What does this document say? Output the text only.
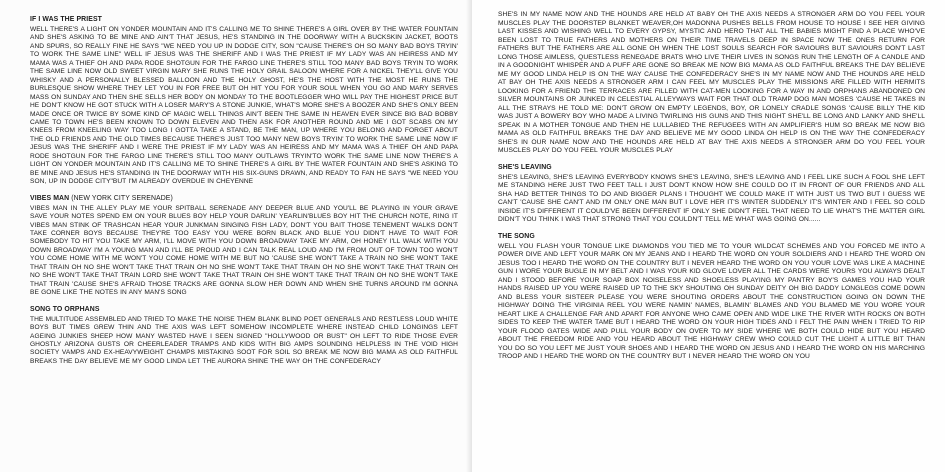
IF I WAS THE PRIEST

WELL THERE'S A LIGHT ON YONDER MOUNTAIN AND IT'S CALLING ME TO SHINE THERE'S A GIRL OVER BY THE WATER FOUNTAIN AND SHE'S ASKING TO BE MINE AND AIN'T THAT JESUS, HE'S STANDING IN THE DOORWAY WITH A BUCKSKIN JACKET, BOOTS AND SPURS, SO REALLY FINE HE SAYS "WE NEED YOU UP IN DODGE CITY, SON "CAUSE THERE'S OH SO MANY BAD BOYS TRYIN' TO WORK THE SAME LINE" WELL IF JESUS WAS THE SHERIFF AND I WAS THE PRIEST IF MY LADY WAS AN HEIRESS AND MY MAMA WAS A THIEF OH AND PAPA RODE SHOTGUN FOR THE FARGO LINE THERE'S STILL TOO MANY BAD BOYS TRYIN TO WORK THE SAME LINE NOW OLD SWEET VIRGIN MARY SHE RUNS THE HOLY GRAIL SALOON WHERE FOR A NICKEL THEY'LL GIVE YOU WHISKY AND A PERSONALLY BLESSED BALLOON AND THE HOLY GHOST, HE'S THE HOST WITH THE MOST HE RUNS THE BURLESQUE SHOW WHERE THEY LET YOU IN FOR FREE BUT OH HIT YOU FOR YOUR SOUL WHEN YOU GO AND MARY SERVES MASS ON SUNDAY AND THEN SHE SELLS HER BODY ON MONDAY TO THE BOOTLEGGER WHO WILL PAY THE HIGHEST PRICE BUT HE DON'T KNOW HE GOT STUCK WITH A LOSER MARY'S A STONE JUNKIE, WHAT'S MORE SHE'S A BOOZER AND SHE'S ONLY BEEN MADE ONCE OR TWICE BY SOME KIND OF MAGIC WELL THINGS AIN'T BEEN THE SAME IN HEAVEN EVER SINCE BIG BAD BOBBY CAME TO TOWN HE'S BEEN KNOWN TO DOWN ELEVEN AND THEN ASK FOR ANOTHER ROUND AND ME I GOT SCABS ON MY KNEES FROM KNEELING WAY TOO LONG I GOTTA TAKE A STAND, BE THE MAN, UP WHERE YOU BELONG AND FORGET ABOUT THE OLD FRIENDS AND THE OLD TIMES BECAUSE THERE'S JUST TOO MANY NEW BOYS TRYIN' TO WORK THE SAME LINE NOW IF JESUS WAS THE SHERIFF AND I WERE THE PRIEST IF MY LADY WAS AN HEIRESS AND MY MAMA WAS A THIEF OH AND PAPA RODE SHOTGUN FOR THE FARGO LINE THERE'S STILL TOO MANY OUTLAWS TRYIN'TO WORK THE SAME LINE NOW THERE'S A LIGHT ON YONDER MOUNTAIN AND IT'S CALLING ME TO SHINE THERE'S A GIRL BY THE WATER FOUNTAIN AND SHE'S ASKING TO BE MINE AND JESUS HE'S STANDING IN THE DOORWAY WITH HIS SIX-GUNS DRAWN, AND READY TO FAN HE SAYS "WE NEED YOU SON, UP IN DODGE CITY"BUT I'M ALREADY OVERDUE IN CHEYENNE

VIBES MAN (NEW YORK CITY SERENADE)

VIBES MAN IN THE ALLEY PLAY ME YOUR SPITBALL SERENADE ANY DEEPER BLUE AND YOU'LL BE PLAYING IN YOUR GRAVE SAVE YOUR NOTES SPEND EM ON YOUR BLUES BOY HELP YOUR DARLIN' YEARLIN'BLUES BOY HIT THE CHURCH NOTE, RING IT VIBES MAN STINK OF TRASHCAN HEAR YOUR JUNKMAN SINGING FISH LADY, DON'T YOU BAIT THOSE TENEMENT WALKS DON'T TAKE CORNER BOYS BECAUSE THEY'RE TOO EASY YOU WERE BORN BLACK AND BLUE YOU DIDN'T HAVE TO WAIT FOR SOMEBODY TO HIT YOU TAKE MY ARM, I'LL MOVE WITH YOU DOWN BROADWAY TAKE MY ARM, OH HONEY I'LL WALK WITH YOU DOWN BROADWAY I'M A YOUNG MAN AND I'LL BE PROUD AND I CAN TALK REAL LOUD AND I'M FROM OUT OF TOWN TOO WON'T YOU COME HOME WITH ME WON'T YOU COME HOME WITH ME BUT NO 'CAUSE SHE WON'T TAKE A TRAIN NO SHE WON'T TAKE THAT TRAIN OH NO SHE WON'T TAKE THAT TRAIN OH NO SHE WON'T TAKE THAT TRAIN OH NO SHE WON'T TAKE THAT TRAIN OH NO SHE WON'T TAKE THAT TRAIN LORD SHE WON'T TAKE THAT TRAIN OH SHE WON'T TAKE THAT TRAIN OH NO SHE WON'T TAKE THAT TRAIN 'CAUSE SHE'S AFRAID THOSE TRACKS ARE GONNA SLOW HER DOWN AND WHEN SHE TURNS AROUND I'M GONNA BE GONE LIKE THE NOTES IN ANY MAN'S SONG

SONG TO ORPHANS

THE MULTITUDE ASSEMBLED AND TRIED TO MAKE THE NOISE THEM BLANK BLIND POET GENERALS AND RESTLESS LOUD WHITE BOYS BUT TIMES GREW THIN AND THE AXIS WAS LEFT SOMEHOW INCOMPLETE WHERE INSTEAD CHILD LONGINGS LEFT AGEING JUNKIES SHEEP HOW MANY WASTED HAVE I SEEN SIGNED "HOLLYWOOD OR BUST" OH LEFT TO RIDE THOSE EVER GHOSTLY ARIZONA GUSTS OR CHEERLEADER TRAMPS AND KIDS WITH BIG AMPS SOUNDING HELPLESS IN THE VOID HIGH SOCIETY VAMPS AND EX-HEAVYWEIGHT CHAMPS MISTAKING SOOT FOR SOIL SO BREAK ME NOW BIG MAMA AS OLD FAITHFUL BREAKS THE DAY BELIEVE ME MY GOOD LINDA LET THE AURORA SHINE THE WAY OH THE CONFEDERACY

SHE'S IN MY NAME NOW AND THE HOUNDS ARE HELD AT BABY OH THE AXIS NEEDS A STRONGER ARM DO YOU FEEL YOUR MUSCLES PLAY THE DOORSTEP BLANKET WEAVER,OH MADONNA PUSHES BELLS FROM HOUSE TO HOUSE I SEE HER GIVING LAST KISSES AND WISHING WELL TO EVERY GYPSY, MYSTIC AND HERO THAT ALL THE BABIES MIGHT FIND A PLACE WHO'VE BEEN LOST TO TRUE FATHERS AND MOTHERS ON THEIR TIME TRAVELS DEEP IN SPACE NOW THE ONES RETURN FOR FATHERS BUT THE FATHERS ARE ALL GONE OH WHEN THE LOST SOULS SEARCH FOR SAVIOURS BUT SAVIOURS DON'T LAST LONG THOSE AIMLESS, QUESTLESS RENEGADE BRATS WHO LIVE THEIR LIVES IN SONGS RUN THE LENGTH OF A CANDLE AND IN A GOODNIGHT WHISPER AND A PUFF ARE GONE SO BREAK ME NOW BIG MAMA AS OLD FAITHFUL BREAKS THE DAY BELIEVE ME MY GOOD LINDA HELP IS ON THE WAY CAUSE THE CONFEDERACY SHE'S IN MY NAME NOW AND THE HOUNDS ARE HELD AT BAY OH THE AXIS NEEDS A STRONGER ARM I CAN FEEL MY MUSCLES PLAY THE MISSIONS ARE FILLED WITH HERMITS LOOKING FOR A FRIEND THE TERRACES ARE FILLED WITH CAT-MEN LOOKING FOR A WAY IN AND ORPHANS ABANDONED ON SILVER MOUNTAINS OR JUNKED IN CELESTIAL ALLEYWAYS WAIT FOR THAT OLD TRAMP DOG MAN MOSES 'CAUSE HE TAKES IN ALL THE STRAYS HE TOLD ME: DON'T GROW ON EMPTY LEGENDS, BOY, OR LONELY CRADLE SONGS 'CAUSE BILLY THE KID WAS JUST A BOWERY BOY WHO MADE A LIVING TWIRLING HIS GUNS AND THIS NIGHT SHE'LL BE LONG AND LANKY AND SHE'LL SPEAK IN A MOTHER TONGUE AND THEN HE LULLABIED THE REFUGEES WITH AN AMPLIFIER'S HUM SO BREAK ME NOW BIG MAMA AS OLD FAITHFUL BREAKS THE DAY AND BELIEVE ME MY GOOD LINDA OH HELP IS ON THE WAY THE CONFEDERACY SHE'S IN OUR NAME NOW AND THE HOUNDS ARE HELD AT BAY THE AXIS NEEDS A STRONGER ARM DO YOU FEEL YOUR MUSCLES PLAY DO YOU FEEL YOUR MUSCLES PLAY

SHE'S LEAVING

SHE'S LEAVING, SHE'S LEAVING EVERYBODY KNOWS SHE'S LEAVING, SHE'S LEAVING AND I FEEL LIKE SUCH A FOOL SHE LEFT ME STANDING HERE JUST TWO FEET TALL I JUST DON'T KNOW HOW SHE COULD DO IT IN FRONT OF OUR FRIENDS AND ALL SHA HAD BETTER THINGS TO DO AND BIGGER PLANS I THOUGHT WE COULD MAKE IT WITH JUST US TWO BUT I GUESS WE CAN'T 'CAUSE SHE CAN'T AND I'M ONLY ONE MAN BUT I LOVE HER IT'S WINTER SUDDENLY IT'S WINTER AND I FEEL SO COLD INSIDE IT'S DIFFERENT IT COULD'VE BEEN DIFFERENT IF ONLY SHE DIDN'T FEEL THAT NEED TO LIE WHAT'S THE MATTER GIRL DIDN'T YOU THINK I WAS THAT STRONG THAT YOU COULDN'T TELL ME WHAT WAS GOING ON......

THE SONG

WELL YOU FLASH YOUR TONGUE LIKE DIAMONDS YOU TIED ME TO YOUR WILDCAT SCHEMES AND YOU FORCED ME INTO A POWER DIVE AND LEFT YOUR MARK ON MY JEANS AND I HEARD THE WORD ON YOUR SOLDIERS AND I HEARD THE WORD ON JESUS TOO I HEARD THE WORD ON THE COUNTRY BUT I NEVER HEARD THE WORD ON YOU YOUR LOVE WAS LIKE A MACHINE GUN I WORE YOUR BUGLE IN MY BELT AND I WAS YOUR KID GLOVE LOVER ALL THE CARDS WERE YOURS YOU ALWAYS DEALT AND I STOOD BEFORE YOUR SOAP BOX NOISELESS AND SHOELESS PLAYING MY PANTRY BOY'S GAMES YOU HAD YOUR HANDS RAISED UP YOU WERE RAISED UP TO THE SKY SHOUTING OH SUNDAY DEITY OH BIG DADDY LONGLEGS COME DOWN AND BLESS YOUR SISTEER PLEASE YOU WERE SHOUTING ORDERS ABOUT THE CONSTRUCTION GOING ON DOWN THE HIGHWAY DOING THE VIRGINIA REEL YOU WERE NAMIN' NAMES, BLAMIN' BLAMES AND YOU BLAMED ME YOU WORE YOUR HEART LIKE A CHALLENGE FAR AND APART FOR ANYONE WHO CAME OPEN AND WIDE LIKE THE RIVER WITH ROCKS ON BOTH SIDES TO KEEP THE WATER TAME BUT I HEARD THE WORD ON YOUR HIGH TIDES AND I FELT THE PAIN WHEN I TRIED TO RIP YOUR FLOOD GATES WIDE AND PULL YOUR BODY ON OVER TO MY SIDE WHERE WE BOTH COULD HIDE BUT YOU HEARD ABOUT THE FREEDOM RIDE AND YOU HEARD ABOUT THE HIGHWAY CREW WHO COULD CUT THE LIGHT A LITTLE BIT THAN YOU DO SO YOU LEFT ME JUST YOUR SHOES AND I HEARD THE WORD ON JESUS AND I HEARD THE WORD ON HIS MARCHING TROOP AND I HEARD THE WORD ON THE COUNTRY BUT I NEVER HEARD THE WORD ON YOU
